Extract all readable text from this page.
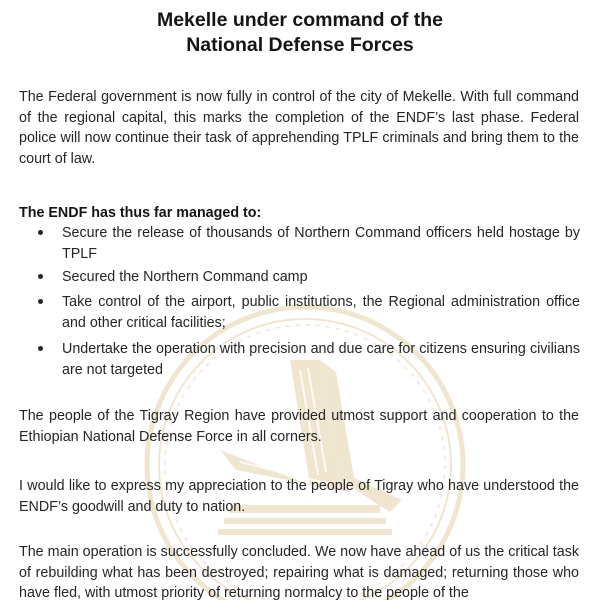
Mekelle under command of the
National Defense Forces
The Federal government is now fully in control of the city of Mekelle. With full command of the regional capital, this marks the completion of the ENDF’s last phase. Federal police will now continue their task of apprehending TPLF criminals and bring them to the court of law.
The ENDF has thus far managed to:
Secure the release of thousands of Northern Command officers held hostage by TPLF
Secured the Northern Command camp
Take control of the airport, public institutions, the Regional administration office and other critical facilities;
Undertake the operation with precision and due care for citizens ensuring civilians are not targeted
The people of the Tigray Region have provided utmost support and cooperation to the Ethiopian National Defense Force in all corners.
I would like to express my appreciation to the people of Tigray who have understood the ENDF’s goodwill and duty to nation.
The main operation is successfully concluded. We now have ahead of us the critical task of rebuilding what has been destroyed; repairing what is damaged; returning those who have fled, with utmost priority of returning normalcy to the people of the
